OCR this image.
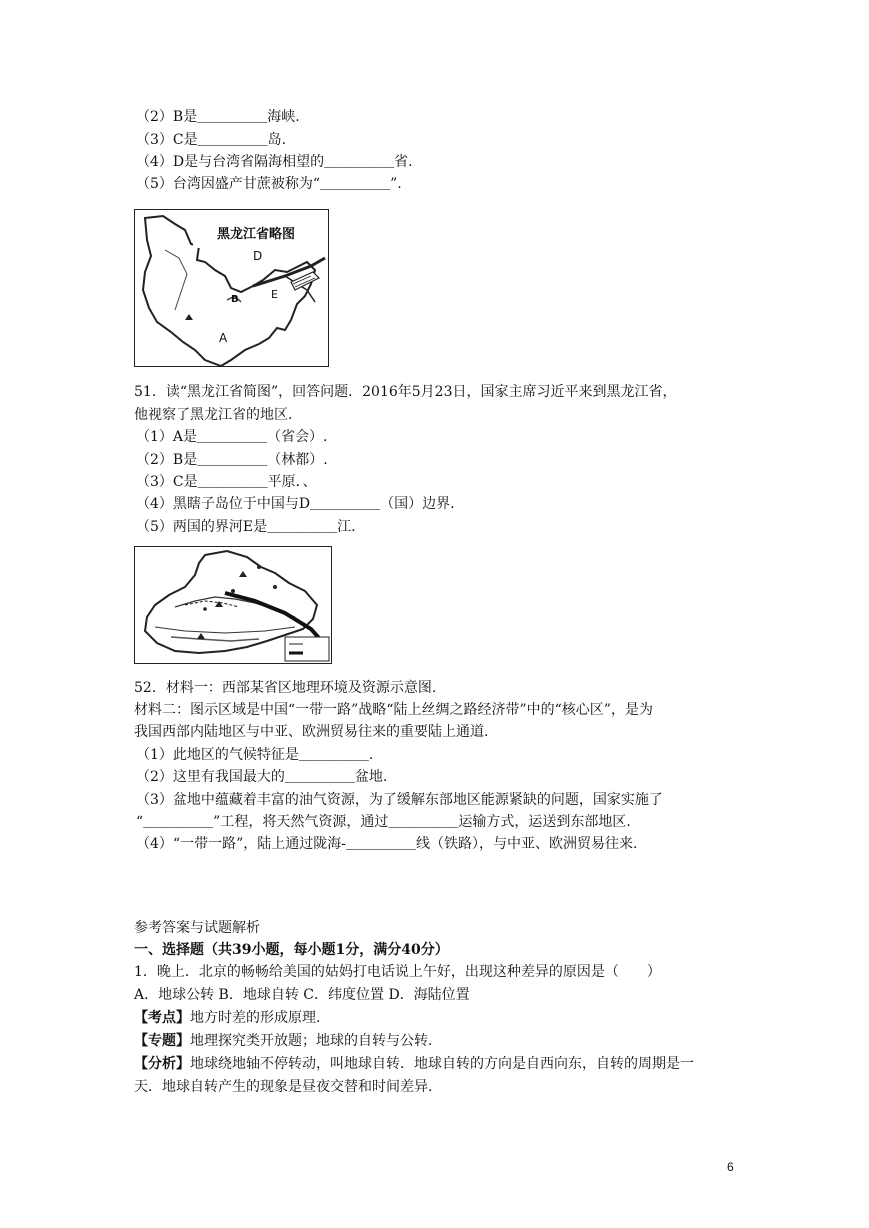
（2）B是＿＿＿＿＿海峡.
（3）C是＿＿＿＿＿岛.
（4）D是与台湾省隔海相望的＿＿＿＿＿省.
（5）台湾因盛产甘蔗被称为“＿＿＿＿＿”.
黑龙江省略图
D
E
B
A
51．读“黑龙江省简图”，回答问题．2016年5月23日，国家主席习近平来到黑龙江省，
他视察了黑龙江省的地区．
（1）A是＿＿＿＿＿（省会）.
（2）B是＿＿＿＿＿（林都）.
（3）C是＿＿＿＿＿平原．、
（4）黑瞎子岛位于中国与D＿＿＿＿＿（国）边界.
（5）两国的界河E是＿＿＿＿＿江.
52．材料一：西部某省区地理环境及资源示意图.
材料二：图示区域是中国“一带一路”战略“陆上丝绸之路经济带”中的“核心区”，是为
我国西部内陆地区与中亚、欧洲贸易往来的重要陆上通道.
（1）此地区的气候特征是＿＿＿＿＿.
（2）这里有我国最大的＿＿＿＿＿盆地.
（3）盆地中蕴藏着丰富的油气资源，为了缓解东部地区能源紧缺的问题，国家实施了
“＿＿＿＿＿”工程，将天然气资源，通过＿＿＿＿＿运输方式，运送到东部地区.
（4）“一带一路”，陆上通过陇海-＿＿＿＿＿线（铁路），与中亚、欧洲贸易往来.
参考答案与试题解析
一、选择题（共39小题，每小题1分，满分40分）
1．晚上．北京的畅畅给美国的姑妈打电话说上午好，出现这种差异的原因是（　　）
A．地球公转 B．地球自转 C．纬度位置 D．海陆位置
【考点】地方时差的形成原理.
【专题】地理探究类开放题；地球的自转与公转.
【分析】地球绕地轴不停转动，叫地球自转．地球自转的方向是自西向东，自转的周期是一
天．地球自转产生的现象是昼夜交替和时间差异.
6
